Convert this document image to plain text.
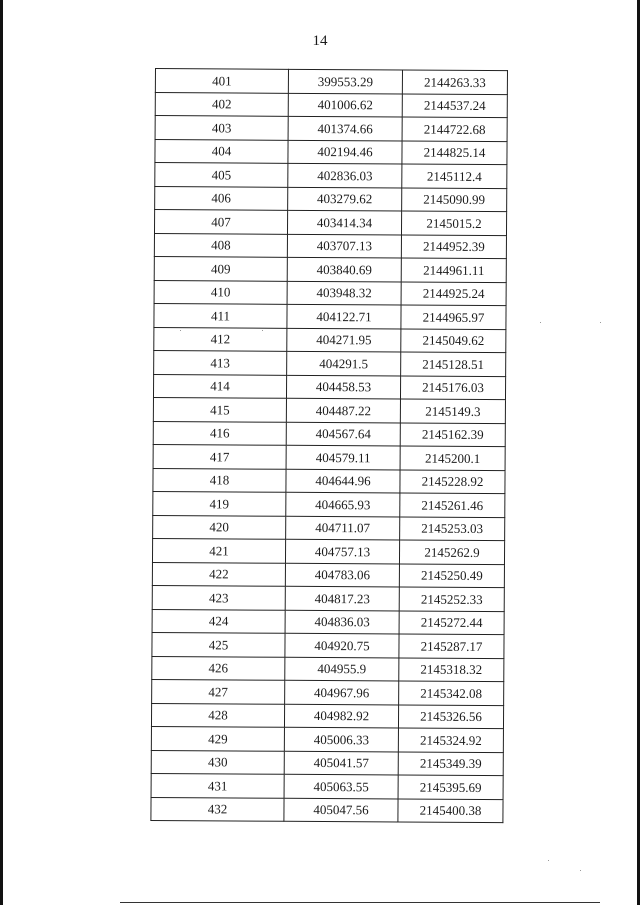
14
401	399553.29	2144263.33
402	401006.62	2144537.24
403	401374.66	2144722.68
404	402194.46	2144825.14
405	402836.03	2145112.4
406	403279.62	2145090.99
407	403414.34	2145015.2
408	403707.13	2144952.39
409	403840.69	2144961.11
410	403948.32	2144925.24
411	404122.71	2144965.97
412	404271.95	2145049.62
413	404291.5	2145128.51
414	404458.53	2145176.03
415	404487.22	2145149.3
416	404567.64	2145162.39
417	404579.11	2145200.1
418	404644.96	2145228.92
419	404665.93	2145261.46
420	404711.07	2145253.03
421	404757.13	2145262.9
422	404783.06	2145250.49
423	404817.23	2145252.33
424	404836.03	2145272.44
425	404920.75	2145287.17
426	404955.9	2145318.32
427	404967.96	2145342.08
428	404982.92	2145326.56
429	405006.33	2145324.92
430	405041.57	2145349.39
431	405063.55	2145395.69
432	405047.56	2145400.38
